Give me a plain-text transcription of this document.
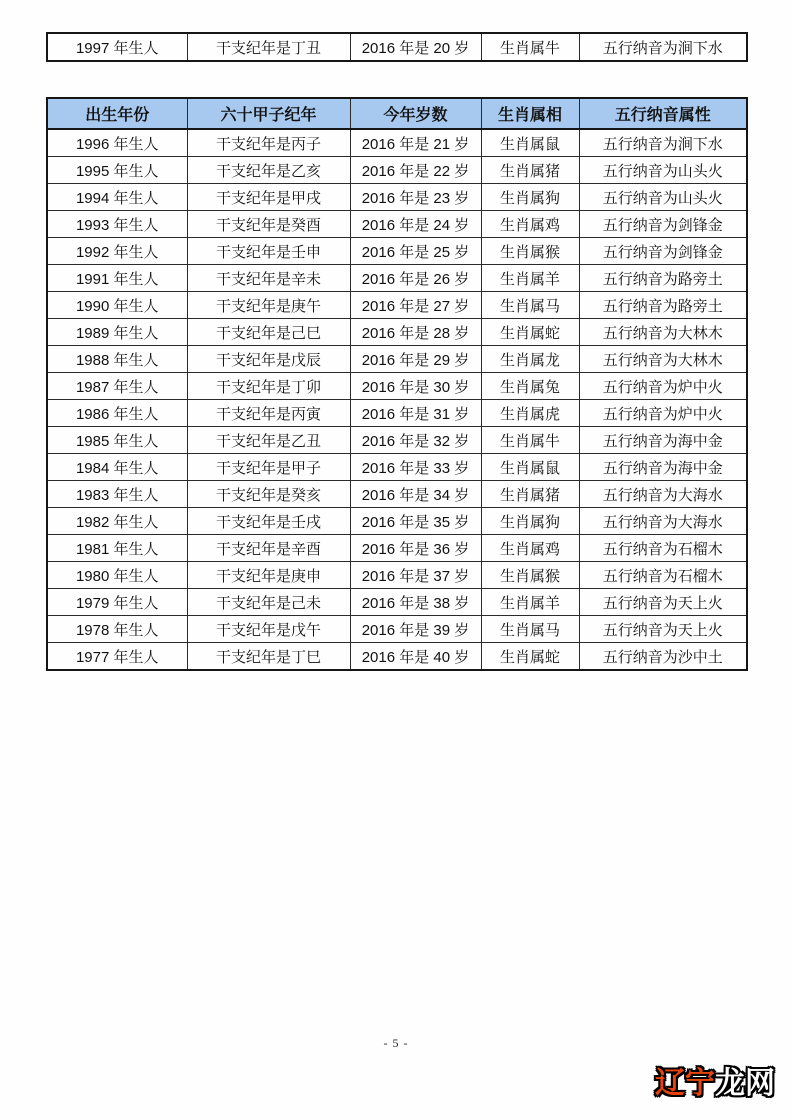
1997 年生人	干支纪年是丁丑	2016 年是 20 岁	生肖属牛	五行纳音为涧下水
出生年份	六十甲子纪年	今年岁数	生肖属相	五行纳音属性
1996 年生人	干支纪年是丙子	2016 年是 21 岁	生肖属鼠	五行纳音为涧下水
1995 年生人	干支纪年是乙亥	2016 年是 22 岁	生肖属猪	五行纳音为山头火
1994 年生人	干支纪年是甲戌	2016 年是 23 岁	生肖属狗	五行纳音为山头火
1993 年生人	干支纪年是癸酉	2016 年是 24 岁	生肖属鸡	五行纳音为剑锋金
1992 年生人	干支纪年是壬申	2016 年是 25 岁	生肖属猴	五行纳音为剑锋金
1991 年生人	干支纪年是辛未	2016 年是 26 岁	生肖属羊	五行纳音为路旁土
1990 年生人	干支纪年是庚午	2016 年是 27 岁	生肖属马	五行纳音为路旁土
1989 年生人	干支纪年是己巳	2016 年是 28 岁	生肖属蛇	五行纳音为大林木
1988 年生人	干支纪年是戊辰	2016 年是 29 岁	生肖属龙	五行纳音为大林木
1987 年生人	干支纪年是丁卯	2016 年是 30 岁	生肖属兔	五行纳音为炉中火
1986 年生人	干支纪年是丙寅	2016 年是 31 岁	生肖属虎	五行纳音为炉中火
1985 年生人	干支纪年是乙丑	2016 年是 32 岁	生肖属牛	五行纳音为海中金
1984 年生人	干支纪年是甲子	2016 年是 33 岁	生肖属鼠	五行纳音为海中金
1983 年生人	干支纪年是癸亥	2016 年是 34 岁	生肖属猪	五行纳音为大海水
1982 年生人	干支纪年是壬戌	2016 年是 35 岁	生肖属狗	五行纳音为大海水
1981 年生人	干支纪年是辛酉	2016 年是 36 岁	生肖属鸡	五行纳音为石榴木
1980 年生人	干支纪年是庚申	2016 年是 37 岁	生肖属猴	五行纳音为石榴木
1979 年生人	干支纪年是己未	2016 年是 38 岁	生肖属羊	五行纳音为天上火
1978 年生人	干支纪年是戊午	2016 年是 39 岁	生肖属马	五行纳音为天上火
1977 年生人	干支纪年是丁巳	2016 年是 40 岁	生肖属蛇	五行纳音为沙中土
- 5 -
辽宁龙网
